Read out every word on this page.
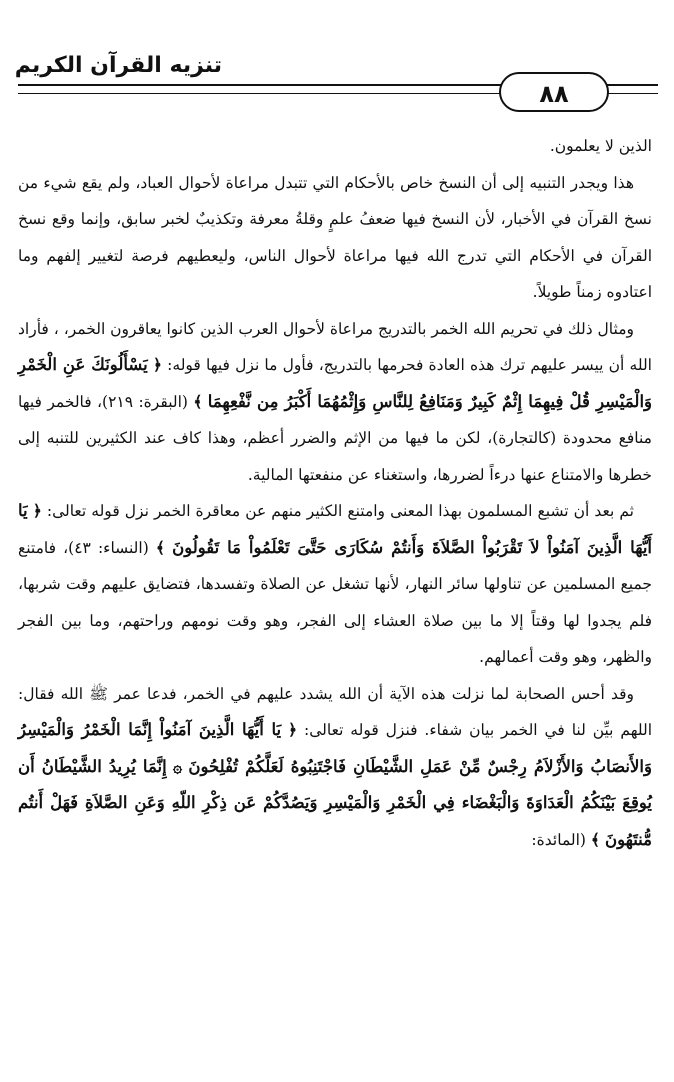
تنزيه القرآن الكريم
٨٨

الذين لا يعلمون.

هذا ويجدر التنبيه إلى أن النسخ خاص بالأحكام التي تتبدل مراعاة لأحوال العباد، ولم يقع شيء من نسخ القرآن في الأخبار، لأن النسخ فيها ضعفُ علمٍ وقلةُ معرفة وتكذيبٌ لخبر سابق، وإنما وقع نسخ القرآن في الأحكام التي تدرج الله فيها مراعاة لأحوال الناس، وليعطيهم فرصة لتغيير إلفهم وما اعتادوه زمناً طويلاً.

ومثال ذلك في تحريم الله الخمر بالتدريج مراعاة لأحوال العرب الذين كانوا يعاقرون الخمر، ، فأراد الله أن ييسر عليهم ترك هذه العادة فحرمها بالتدريج، فأول ما نزل فيها قوله: ﴿ يَسْأَلُونَكَ عَنِ الْخَمْرِ وَالْمَيْسِرِ قُلْ فِيهِمَا إِثْمٌ كَبِيرٌ وَمَنَافِعُ لِلنَّاسِ وَإِثْمُهُمَا أَكْبَرُ مِن نَّفْعِهِمَا ﴾ (البقرة: ٢١٩)، فالخمر فيها منافع محدودة (كالتجارة)، لكن ما فيها من الإثم والضرر أعظم، وهذا كاف عند الكثيرين للتنبه إلى خطرها والامتناع عنها درءاً لضررها، واستغناء عن منفعتها المالية.

ثم بعد أن تشبع المسلمون بهذا المعنى وامتنع الكثير منهم عن معاقرة الخمر نزل قوله تعالى: ﴿ يَا أَيُّهَا الَّذِينَ آمَنُواْ لاَ تَقْرَبُواْ الصَّلاَةَ وَأَنتُمْ سُكَارَى حَتَّىَ تَعْلَمُواْ مَا تَقُولُونَ ﴾ (النساء: ٤٣)، فامتنع جميع المسلمين عن تناولها سائر النهار، لأنها تشغل عن الصلاة وتفسدها، فتضايق عليهم وقت شربها، فلم يجدوا لها وقتاً إلا ما بين صلاة العشاء إلى الفجر، وهو وقت نومهم وراحتهم، وما بين الفجر والظهر، وهو وقت أعمالهم.

وقد أحس الصحابة لما نزلت هذه الآية أن الله يشدد عليهم في الخمر، فدعا عمر ﷺ الله فقال: اللهم بيِّن لنا في الخمر بيان شفاء. فنزل قوله تعالى: ﴿ يَا أَيُّهَا الَّذِينَ آمَنُواْ إِنَّمَا الْخَمْرُ وَالْمَيْسِرُ وَالأَنصَابُ وَالأَزْلاَمُ رِجْسٌ مِّنْ عَمَلِ الشَّيْطَانِ فَاجْتَنِبُوهُ لَعَلَّكُمْ تُفْلِحُونَ ۞ إِنَّمَا يُرِيدُ الشَّيْطَانُ أَن يُوقِعَ بَيْنَكُمُ الْعَدَاوَةَ وَالْبَغْضَاء فِي الْخَمْرِ وَالْمَيْسِرِ وَيَصُدَّكُمْ عَن ذِكْرِ اللّهِ وَعَنِ الصَّلاَةِ فَهَلْ أَنتُم مُّنتَهُونَ ﴾ (المائدة:
